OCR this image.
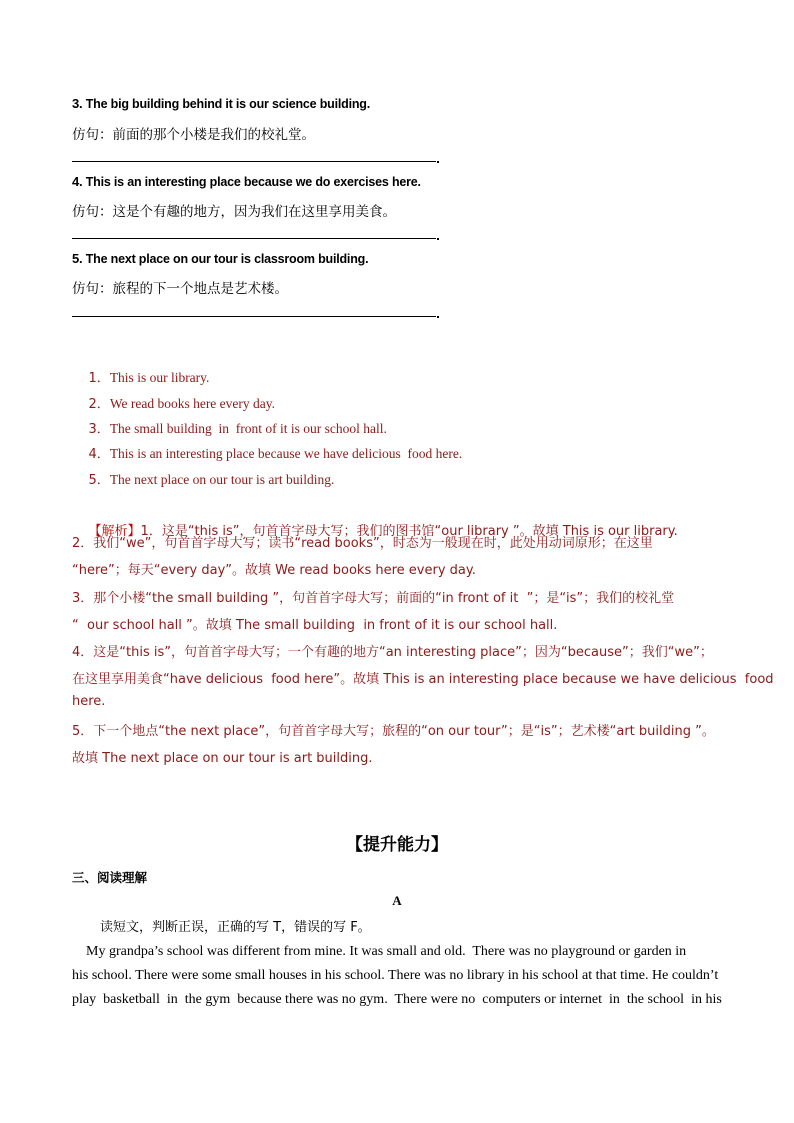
3. The big building behind it is our science building.
仿句：前面的那个小楼是我们的校礼堂。
4. This is an interesting place because we do exercises here.
仿句：这是个有趣的地方，因为我们在这里享用美食。
5. The next place on our tour is classroom building.
仿句：旅程的下一个地点是艺术楼。

1．This is our library.

2．We read books here every day.

3．The small building  in  front of it is our school hall.

4．This is an interesting place because we have delicious  food here.

5．The next place on our tour is art building.

【解析】1．这是“this is”，句首首字母大写；我们的图书馆“our library ”。故填 This is our library.

2．我们“we”，句首首字母大写；读书“read books”，时态为一般现在时，此处用动词原形；在这里
“here”；每天“every day”。故填 We read books here every day.
3．那个小楼“the small building ”，句首首字母大写；前面的“in front of it  ”；是“is”；我们的校礼堂
“  our school hall ”。故填 The small building  in front of it is our school hall.
4．这是“this is”，句首首字母大写；一个有趣的地方“an interesting place”；因为“because”；我们“we”；
在这里享用美食“have delicious  food here”。故填 This is an interesting place because we have delicious  food
here.
5．下一个地点“the next place”，句首首字母大写；旅程的“on our tour”；是“is”；艺术楼“art building ”。
故填 The next place on our tour is art building.
【提升能力】
三、阅读理解
A
读短文，判断正误，正确的写 T，错误的写 F。
My grandpa’s school was different from mine. It was small and old.  There was no playground or garden in
his school. There were some small houses in his school. There was no library in his school at that time. He couldn’t
play  basketball  in  the gym  because there was no gym.  There were no  computers or internet  in  the school  in his
